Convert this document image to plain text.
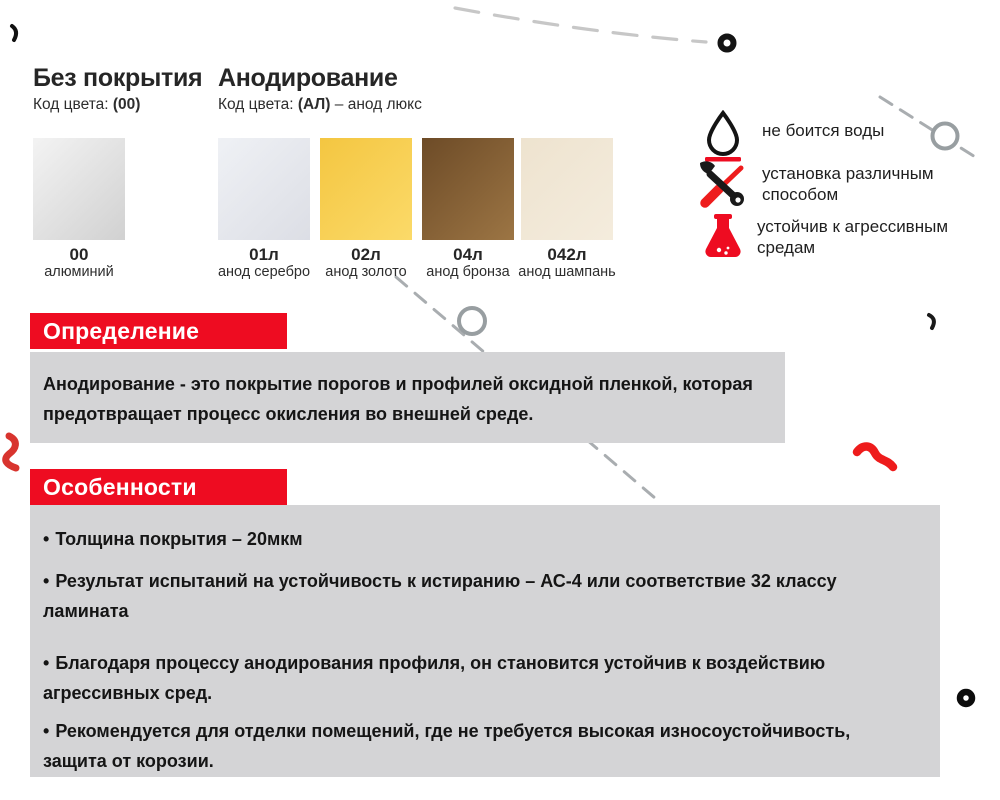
Без покрытия
Код цвета: (00)
Анодирование
Код цвета: (АЛ) – анод люкс
00
алюминий
01л
анод серебро
02л
анод золото
04л
анод бронза
042л
анод шампань
не боится воды
установка различным способом
устойчив к агрессивным средам
Определение
Анодирование - это покрытие порогов и профилей оксидной пленкой, которая предотвращает процесс окисления во внешней среде.
Особенности

• Толщина покрытия – 20мкм

• Результат испытаний на устойчивость к истиранию – АС-4 или соответствие 32 классу ламината

• Благодаря процессу анодирования профиля, он становится устойчив к воздействию агрессивных сред.

• Рекомендуется для отделки помещений, где не требуется высокая износоустойчивость, защита от корозии.
